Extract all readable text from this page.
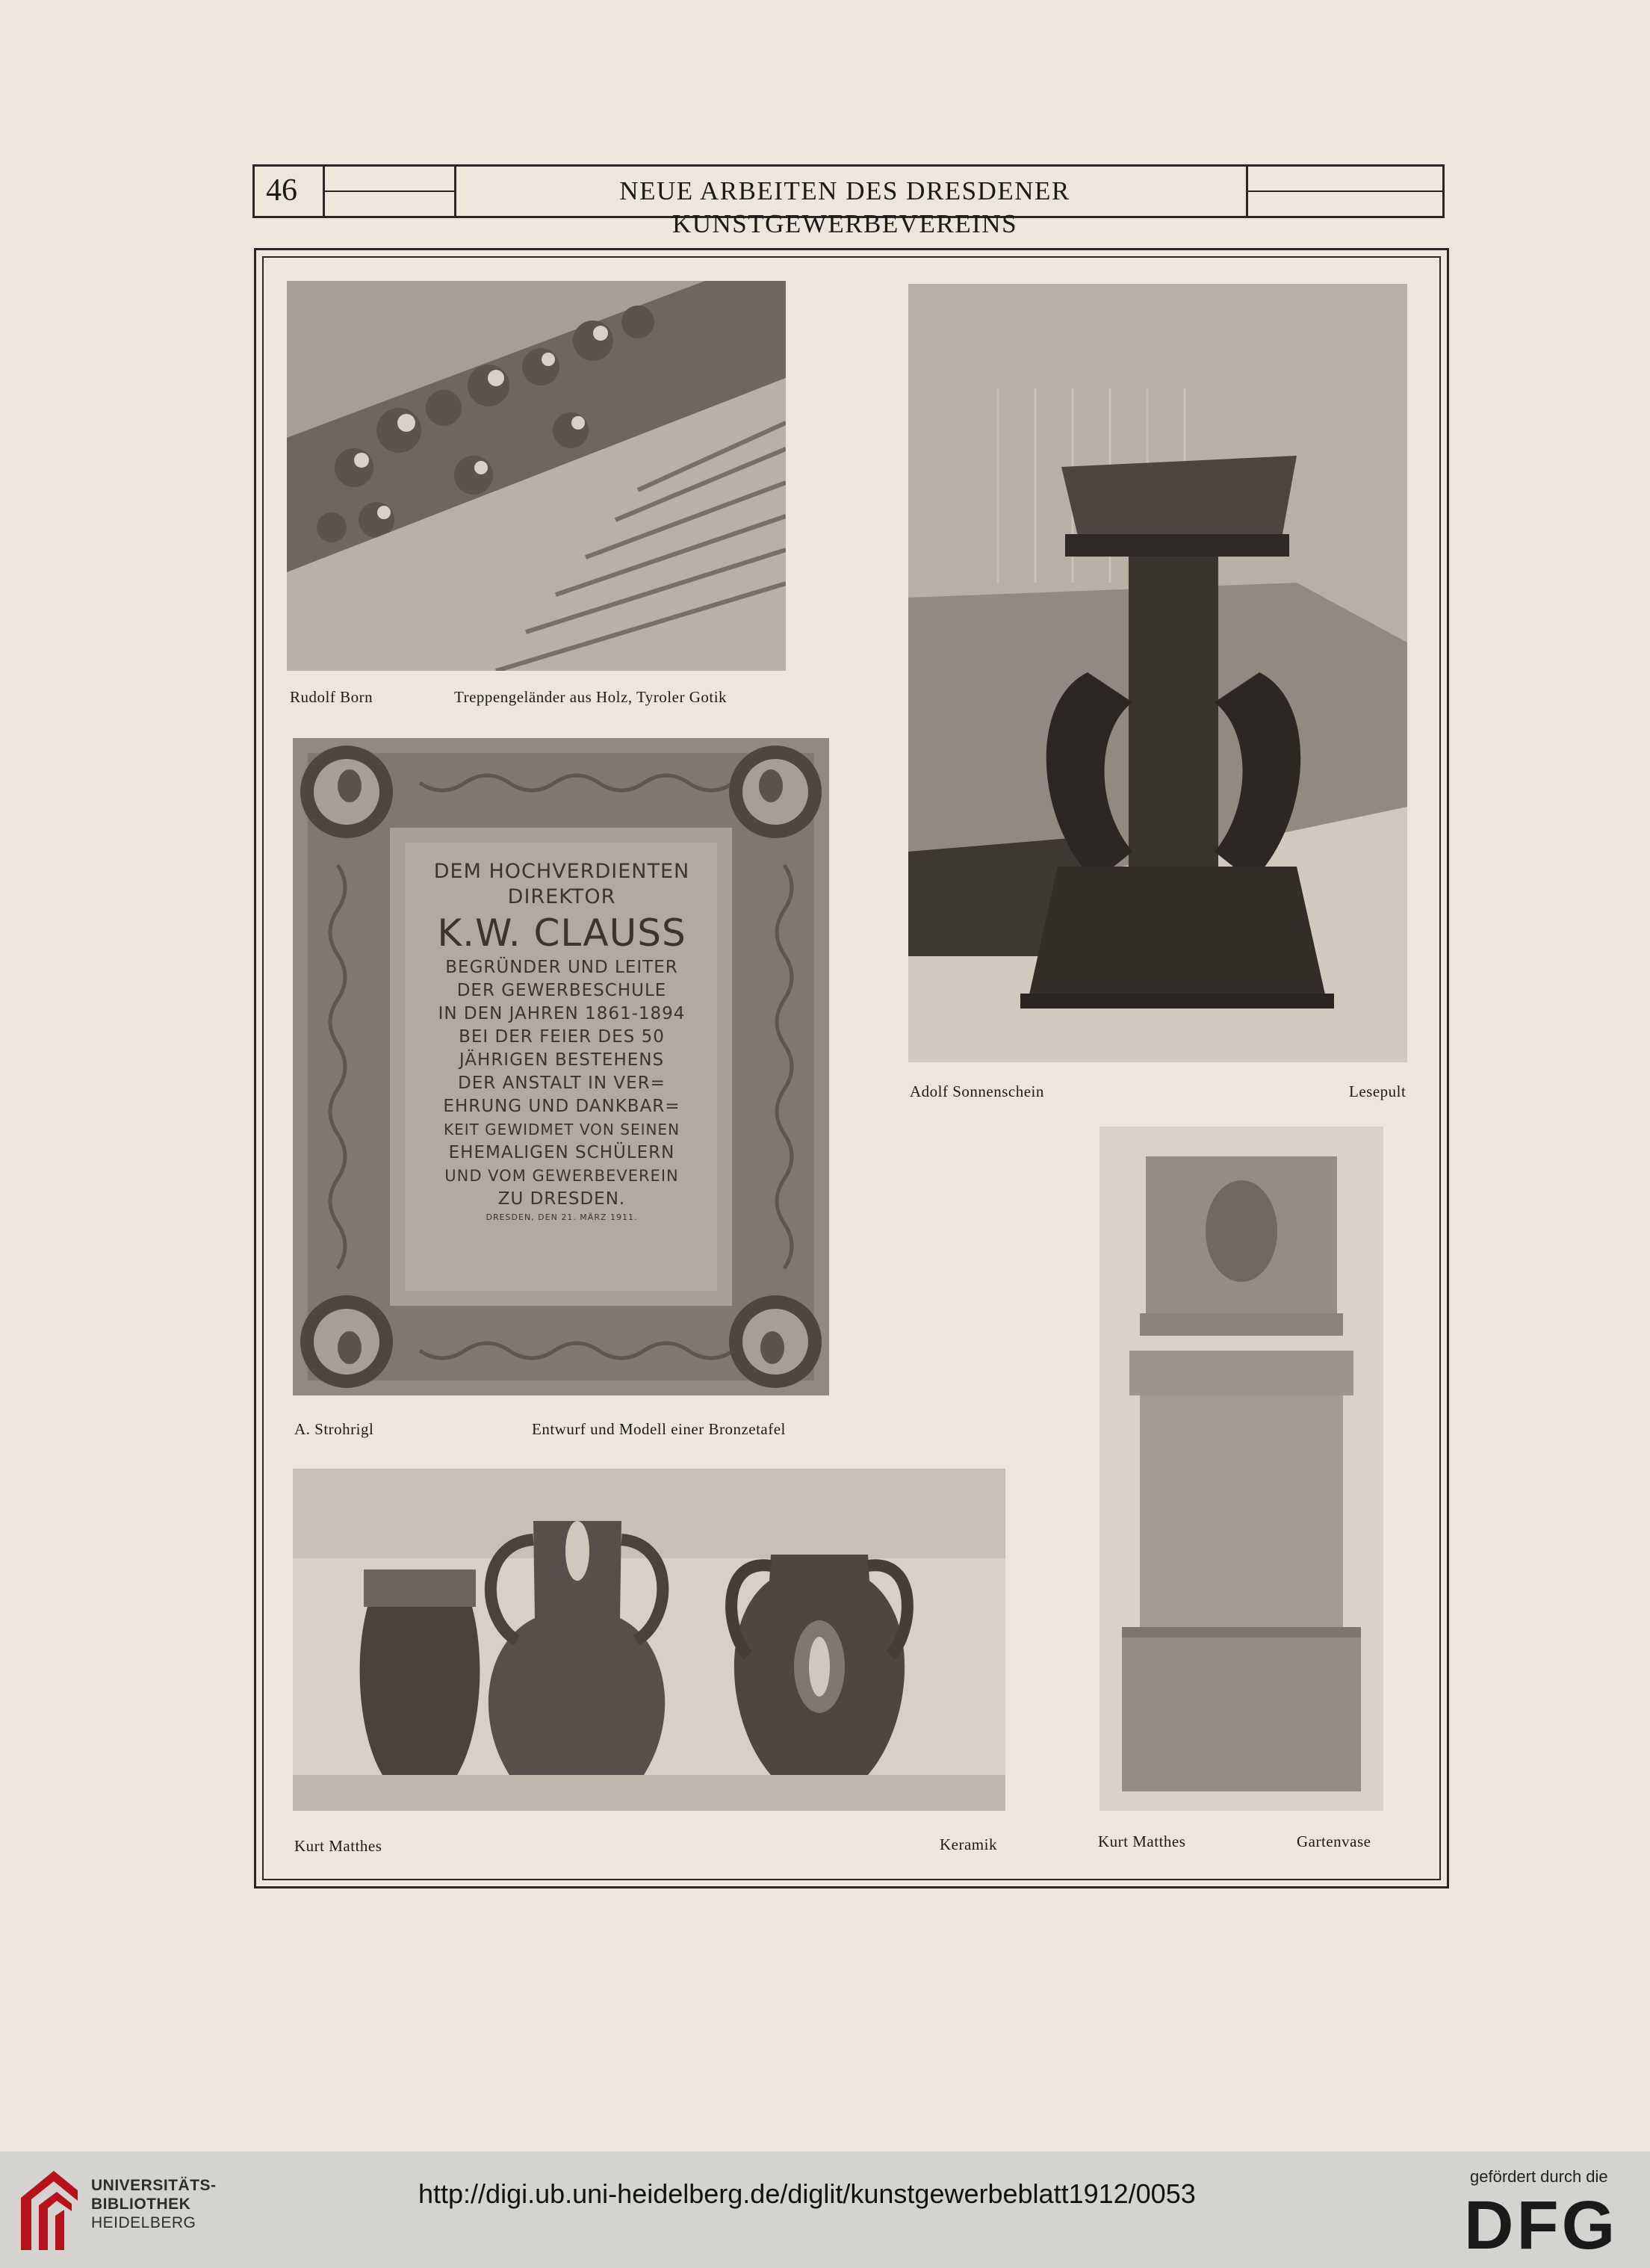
46	NEUE ARBEITEN DES DRESDENER KUNSTGEWERBEVEREINS
Rudolf Born	Treppengeländer aus Holz, Tyroler Gotik
Adolf Sonnenschein	Lesepult
DEM HOCHVERDIENTEN
DIREKTOR
K.W. CLAUSS
BEGRÜNDER UND LEITER
DER GEWERBESCHULE
IN DEN JAHREN 1861-1894
BEI DER FEIER DES 50
JÄHRIGEN BESTEHENS
DER ANSTALT IN VER=
EHRUNG UND DANKBAR=
KEIT GEWIDMET VON SEINEN
EHEMALIGEN SCHÜLERN
UND VOM GEWERBEVEREIN
ZU DRESDEN.
DRESDEN, DEN 21. MÄRZ 1911.
A. Strohrigl	Entwurf und Modell einer Bronzetafel
Kurt Matthes	Keramik	Kurt Matthes	Gartenvase
UNIVERSITÄTS-
BIBLIOTHEK
HEIDELBERG
http://digi.ub.uni-heidelberg.de/diglit/kunstgewerbeblatt1912/0053
gefördert durch die
DFG
